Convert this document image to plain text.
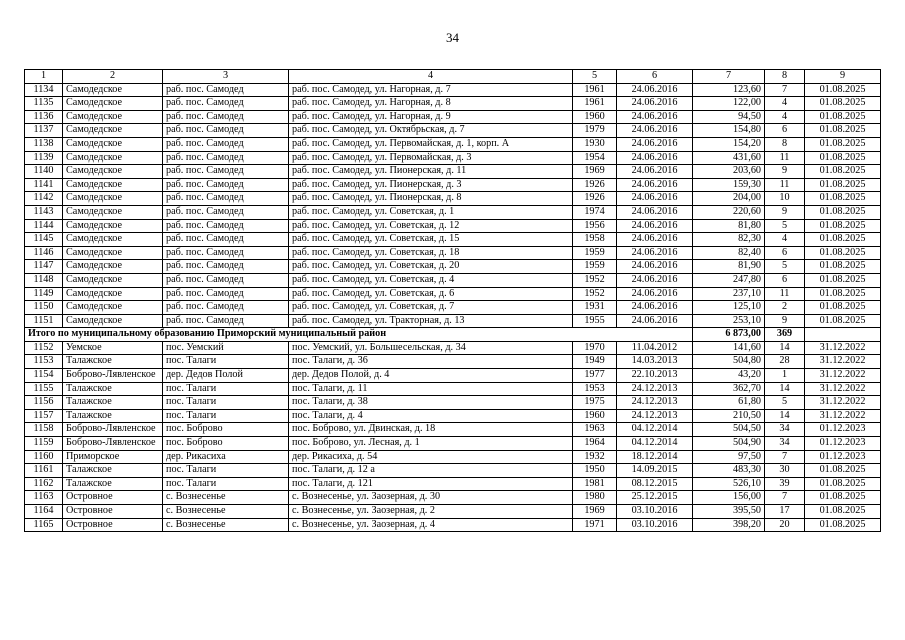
34
1	2	3	4	5	6	7	8	9
1134	Самодедское	раб. пос. Самодед	раб. пос. Самодед, ул. Нагорная, д. 7	1961	24.06.2016	123,60	7	01.08.2025
1135	Самодедское	раб. пос. Самодед	раб. пос. Самодед, ул. Нагорная, д. 8	1961	24.06.2016	122,00	4	01.08.2025
1136	Самодедское	раб. пос. Самодед	раб. пос. Самодед, ул. Нагорная, д. 9	1960	24.06.2016	94,50	4	01.08.2025
1137	Самодедское	раб. пос. Самодед	раб. пос. Самодед, ул. Октябрьская, д. 7	1979	24.06.2016	154,80	6	01.08.2025
1138	Самодедское	раб. пос. Самодед	раб. пос. Самодед, ул. Первомайская, д. 1, корп. А	1930	24.06.2016	154,20	8	01.08.2025
1139	Самодедское	раб. пос. Самодед	раб. пос. Самодед, ул. Первомайская, д. 3	1954	24.06.2016	431,60	11	01.08.2025
1140	Самодедское	раб. пос. Самодед	раб. пос. Самодед, ул. Пионерская, д. 11	1969	24.06.2016	203,60	9	01.08.2025
1141	Самодедское	раб. пос. Самодед	раб. пос. Самодед, ул. Пионерская, д. 3	1926	24.06.2016	159,30	11	01.08.2025
1142	Самодедское	раб. пос. Самодед	раб. пос. Самодед, ул. Пионерская, д. 8	1926	24.06.2016	204,00	10	01.08.2025
1143	Самодедское	раб. пос. Самодед	раб. пос. Самодед, ул. Советская, д. 1	1974	24.06.2016	220,60	9	01.08.2025
1144	Самодедское	раб. пос. Самодед	раб. пос. Самодед, ул. Советская, д. 12	1956	24.06.2016	81,80	5	01.08.2025
1145	Самодедское	раб. пос. Самодед	раб. пос. Самодед, ул. Советская, д. 15	1958	24.06.2016	82,30	4	01.08.2025
1146	Самодедское	раб. пос. Самодед	раб. пос. Самодед, ул. Советская, д. 18	1959	24.06.2016	82,40	6	01.08.2025
1147	Самодедское	раб. пос. Самодед	раб. пос. Самодед, ул. Советская, д. 20	1959	24.06.2016	81,90	5	01.08.2025
1148	Самодедское	раб. пос. Самодед	раб. пос. Самодед, ул. Советская, д. 4	1952	24.06.2016	247,80	6	01.08.2025
1149	Самодедское	раб. пос. Самодед	раб. пос. Самодед, ул. Советская, д. 6	1952	24.06.2016	237,10	11	01.08.2025
1150	Самодедское	раб. пос. Самодед	раб. пос. Самодед, ул. Советская, д. 7	1931	24.06.2016	125,10	2	01.08.2025
1151	Самодедское	раб. пос. Самодед	раб. пос. Самодед, ул. Тракторная, д. 13	1955	24.06.2016	253,10	9	01.08.2025
Итого по муниципальному образованию Приморский муниципальный район						6 873,00	369	
1152	Уемское	пос. Уемский	пос. Уемский, ул. Большесельская, д. 34	1970	11.04.2012	141,60	14	31.12.2022
1153	Талажское	пос. Талаги	пос. Талаги, д. 36	1949	14.03.2013	504,80	28	31.12.2022
1154	Боброво-Лявленское	дер. Дедов Полой	дер. Дедов Полой, д. 4	1977	22.10.2013	43,20	1	31.12.2022
1155	Талажское	пос. Талаги	пос. Талаги, д. 11	1953	24.12.2013	362,70	14	31.12.2022
1156	Талажское	пос. Талаги	пос. Талаги, д. 38	1975	24.12.2013	61,80	5	31.12.2022
1157	Талажское	пос. Талаги	пос. Талаги, д. 4	1960	24.12.2013	210,50	14	31.12.2022
1158	Боброво-Лявленское	пос. Боброво	пос. Боброво, ул. Двинская, д. 18	1963	04.12.2014	504,50	34	01.12.2023
1159	Боброво-Лявленское	пос. Боброво	пос. Боброво, ул. Лесная, д. 1	1964	04.12.2014	504,90	34	01.12.2023
1160	Приморское	дер. Рикасиха	дер. Рикасиха, д. 54	1932	18.12.2014	97,50	7	01.12.2023
1161	Талажское	пос. Талаги	пос. Талаги, д. 12 а	1950	14.09.2015	483,30	30	01.08.2025
1162	Талажское	пос. Талаги	пос. Талаги, д. 121	1981	08.12.2015	526,10	39	01.08.2025
1163	Островное	с. Вознесенье	с. Вознесенье, ул. Заозерная, д. 30	1980	25.12.2015	156,00	7	01.08.2025
1164	Островное	с. Вознесенье	с. Вознесенье, ул. Заозерная, д. 2	1969	03.10.2016	395,50	17	01.08.2025
1165	Островное	с. Вознесенье	с. Вознесенье, ул. Заозерная, д. 4	1971	03.10.2016	398,20	20	01.08.2025
